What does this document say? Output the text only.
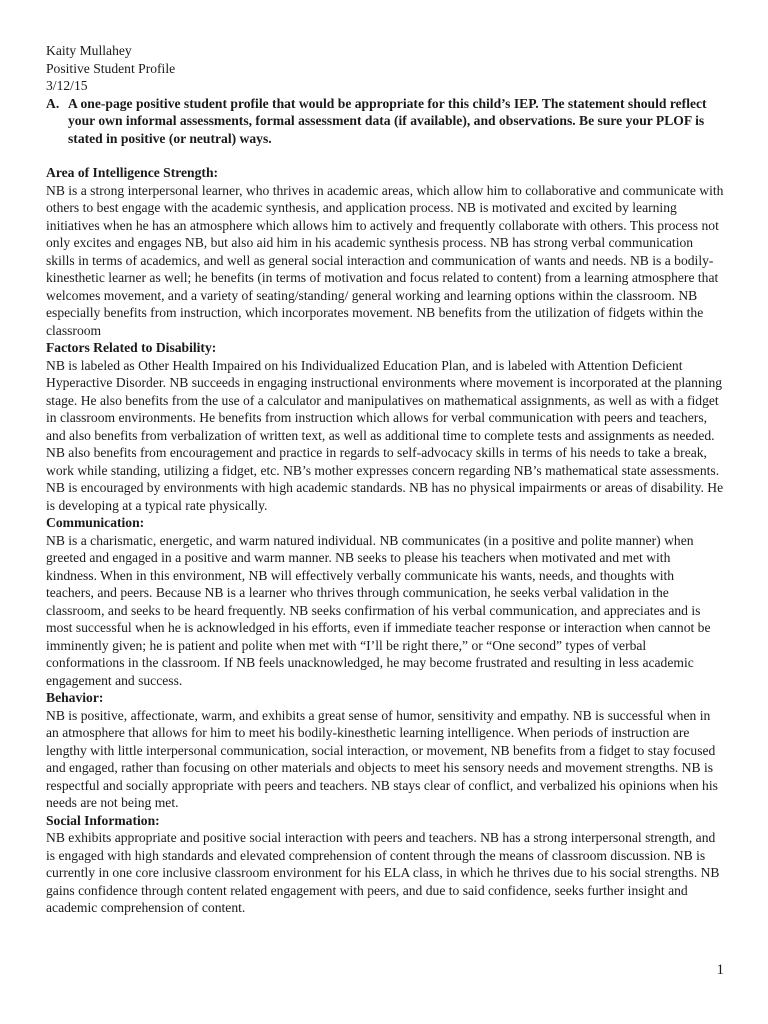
Kaity Mullahey
Positive Student Profile
3/12/15
A. A one-page positive student profile that would be appropriate for this child’s IEP. The statement should reflect your own informal assessments, formal assessment data (if available), and observations. Be sure your PLOF is stated in positive (or neutral) ways.
Area of Intelligence Strength:
NB is a strong interpersonal learner, who thrives in academic areas, which allow him to collaborative and communicate with others to best engage with the academic synthesis, and application process. NB is motivated and excited by learning initiatives when he has an atmosphere which allows him to actively and frequently collaborate with others. This process not only excites and engages NB, but also aid him in his academic synthesis process. NB has strong verbal communication skills in terms of academics, and well as general social interaction and communication of wants and needs. NB is a bodily-kinesthetic learner as well; he benefits (in terms of motivation and focus related to content) from a learning atmosphere that welcomes movement, and a variety of seating/standing/ general working and learning options within the classroom. NB especially benefits from instruction, which incorporates movement. NB benefits from the utilization of fidgets within the classroom
Factors Related to Disability:
NB is labeled as Other Health Impaired on his Individualized Education Plan, and is labeled with Attention Deficient Hyperactive Disorder. NB succeeds in engaging instructional environments where movement is incorporated at the planning stage. He also benefits from the use of a calculator and manipulatives on mathematical assignments, as well as with a fidget in classroom environments. He benefits from instruction which allows for verbal communication with peers and teachers, and also benefits from verbalization of written text, as well as additional time to complete tests and assignments as needed. NB also benefits from encouragement and practice in regards to self-advocacy skills in terms of his needs to take a break, work while standing, utilizing a fidget, etc. NB’s mother expresses concern regarding NB’s mathematical state assessments. NB is encouraged by environments with high academic standards. NB has no physical impairments or areas of disability. He is developing at a typical rate physically.
Communication:
NB is a charismatic, energetic, and warm natured individual. NB communicates (in a positive and polite manner) when greeted and engaged in a positive and warm manner. NB seeks to please his teachers when motivated and met with kindness. When in this environment, NB will effectively verbally communicate his wants, needs, and thoughts with teachers, and peers. Because NB is a learner who thrives through communication, he seeks verbal validation in the classroom, and seeks to be heard frequently. NB seeks confirmation of his verbal communication, and appreciates and is most successful when he is acknowledged in his efforts, even if immediate teacher response or interaction when cannot be imminently given; he is patient and polite when met with “I’ll be right there,” or “One second” types of verbal conformations in the classroom. If NB feels unacknowledged, he may become frustrated and resulting in less academic engagement and success.
Behavior:
NB is positive, affectionate, warm, and exhibits a great sense of humor, sensitivity and empathy. NB is successful when in an atmosphere that allows for him to meet his bodily-kinesthetic learning intelligence. When periods of instruction are lengthy with little interpersonal communication, social interaction, or movement, NB benefits from a fidget to stay focused and engaged, rather than focusing on other materials and objects to meet his sensory needs and movement strengths. NB is respectful and socially appropriate with peers and teachers. NB stays clear of conflict, and verbalized his opinions when his needs are not being met.
Social Information:
NB exhibits appropriate and positive social interaction with peers and teachers. NB has a strong interpersonal strength, and is engaged with high standards and elevated comprehension of content through the means of classroom discussion. NB is currently in one core inclusive classroom environment for his ELA class, in which he thrives due to his social strengths. NB gains confidence through content related engagement with peers, and due to said confidence, seeks further insight and academic comprehension of content.
1
